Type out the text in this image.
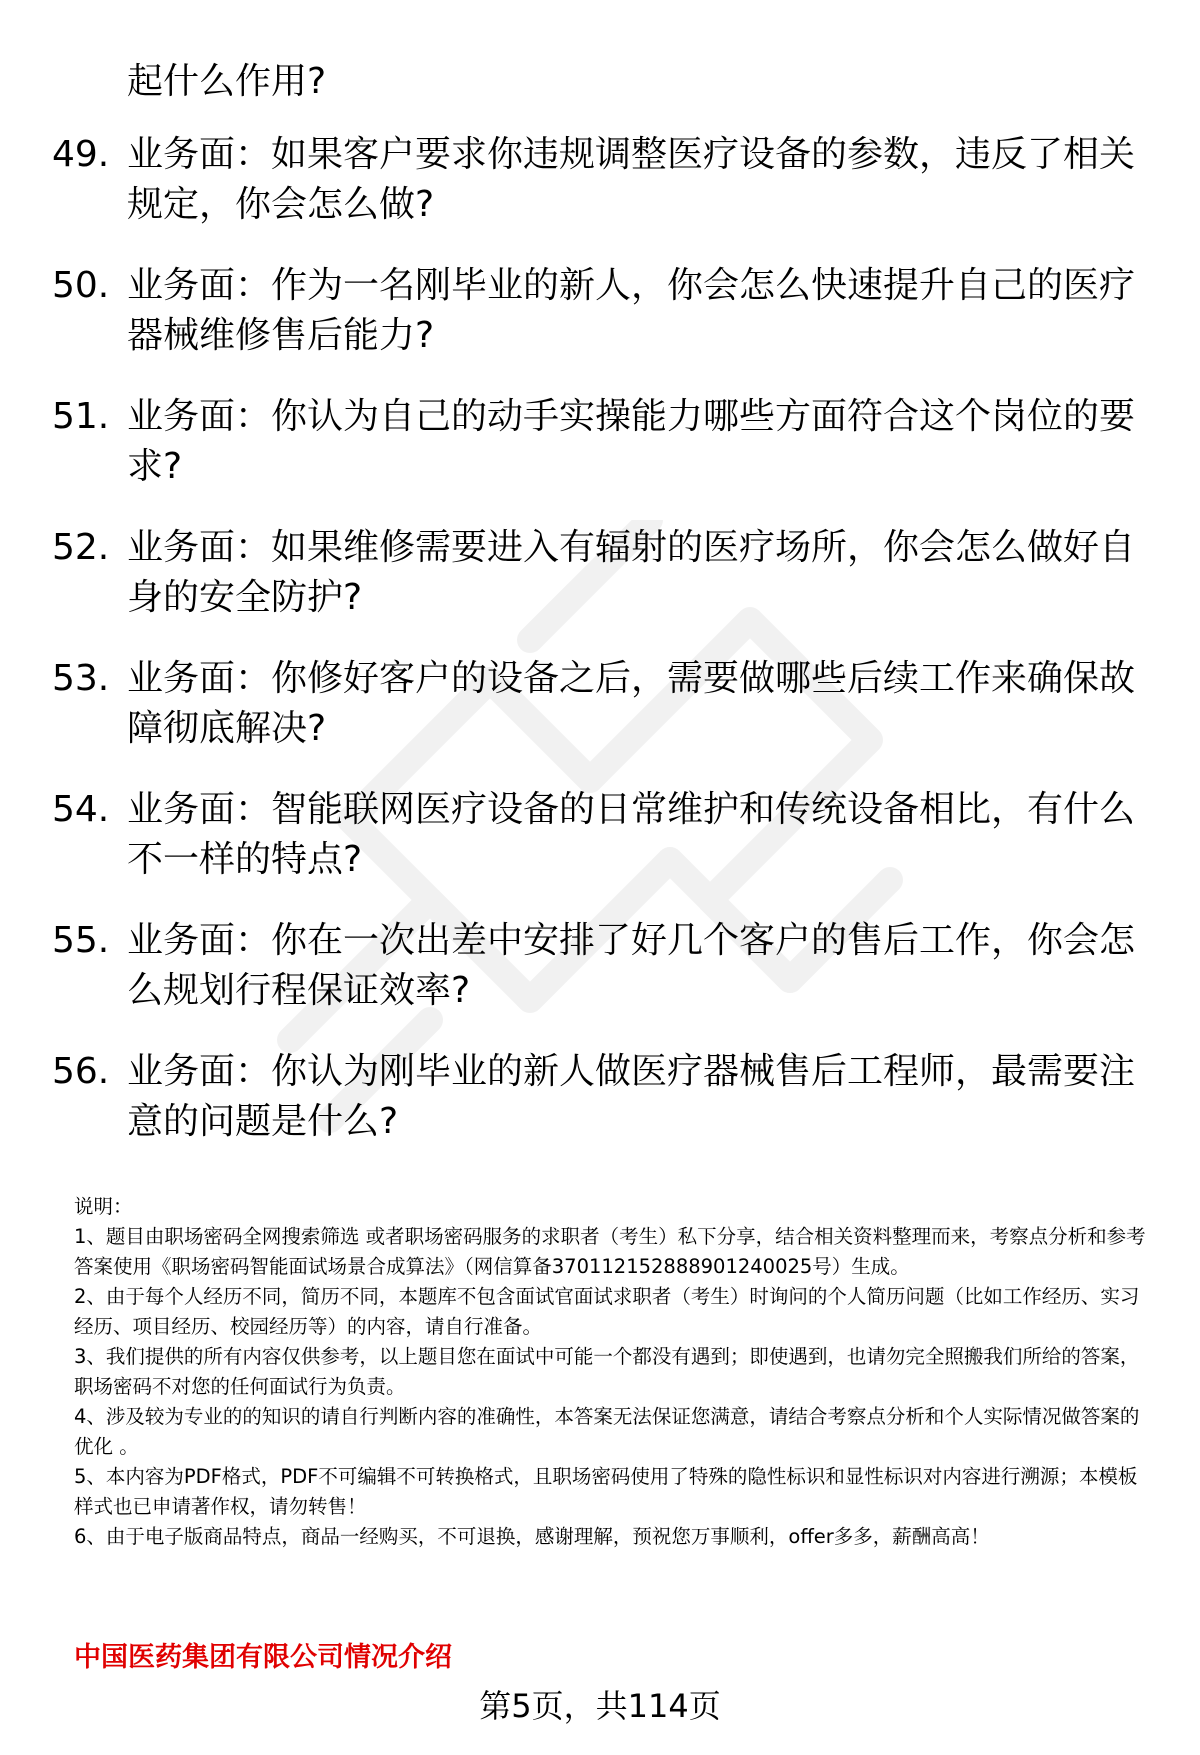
起什么作用?
49. 业务面：如果客户要求你违规调整医疗设备的参数，违反了相关规定，你会怎么做?
50. 业务面：作为一名刚毕业的新人，你会怎么快速提升自己的医疗器械维修售后能力?
51. 业务面：你认为自己的动手实操能力哪些方面符合这个岗位的要求?
52. 业务面：如果维修需要进入有辐射的医疗场所，你会怎么做好自身的安全防护?
53. 业务面：你修好客户的设备之后，需要做哪些后续工作来确保故障彻底解决?
54. 业务面：智能联网医疗设备的日常维护和传统设备相比，有什么不一样的特点?
55. 业务面：你在一次出差中安排了好几个客户的售后工作，你会怎么规划行程保证效率?
56. 业务面：你认为刚毕业的新人做医疗器械售后工程师，最需要注意的问题是什么?

说明：

1、题目由职场密码全网搜索筛选 或者职场密码服务的求职者（考生）私下分享，结合相关资料整理而来，考察点分析和参考答案使用《职场密码智能面试场景合成算法》（网信算备370112152888901240025号）生成。

2、由于每个人经历不同，简历不同，本题库不包含面试官面试求职者（考生）时询问的个人简历问题（比如工作经历、实习经历、项目经历、校园经历等）的内容，请自行准备。

3、我们提供的所有内容仅供参考，以上题目您在面试中可能一个都没有遇到；即使遇到，也请勿完全照搬我们所给的答案，职场密码不对您的任何面试行为负责。

4、涉及较为专业的的知识的请自行判断内容的准确性，本答案无法保证您满意，请结合考察点分析和个人实际情况做答案的优化 。

5、本内容为PDF格式，PDF不可编辑不可转换格式，且职场密码使用了特殊的隐性标识和显性标识对内容进行溯源；本模板样式也已申请著作权，请勿转售！

6、由于电子版商品特点，商品一经购买，不可退换，感谢理解，预祝您万事顺利，offer多多，薪酬高高！

中国医药集团有限公司情况介绍
第5页，共114页
